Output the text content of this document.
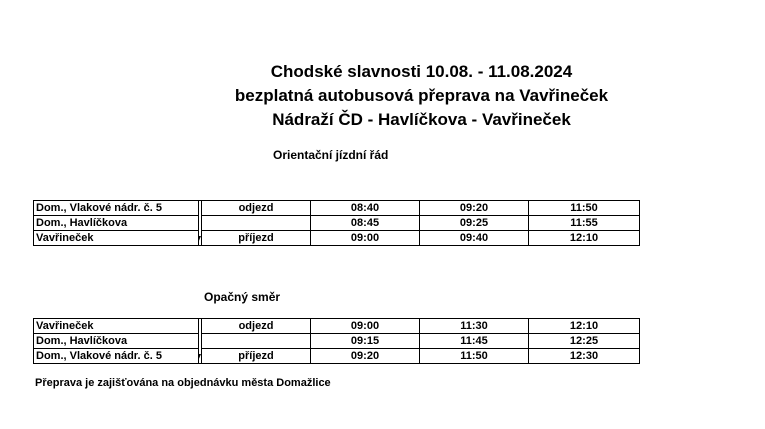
Chodské slavnosti 10.08. - 11.08.2024
bezplatná autobusová přeprava na Vavřineček
Nádraží ČD - Havlíčkova - Vavřineček
Orientační jízdní řád
Dom., Vlakové nádr. č. 5		odjezd	08:40	09:20	11:50
Dom., Havlíčkova			08:45	09:25	11:55
Vavřineček		příjezd	09:00	09:40	12:10
Opačný směr
Vavřineček		odjezd	09:00	11:30	12:10
Dom., Havlíčkova			09:15	11:45	12:25
Dom., Vlakové nádr. č. 5		příjezd	09:20	11:50	12:30
Přeprava je zajišťována na objednávku města Domažlice
